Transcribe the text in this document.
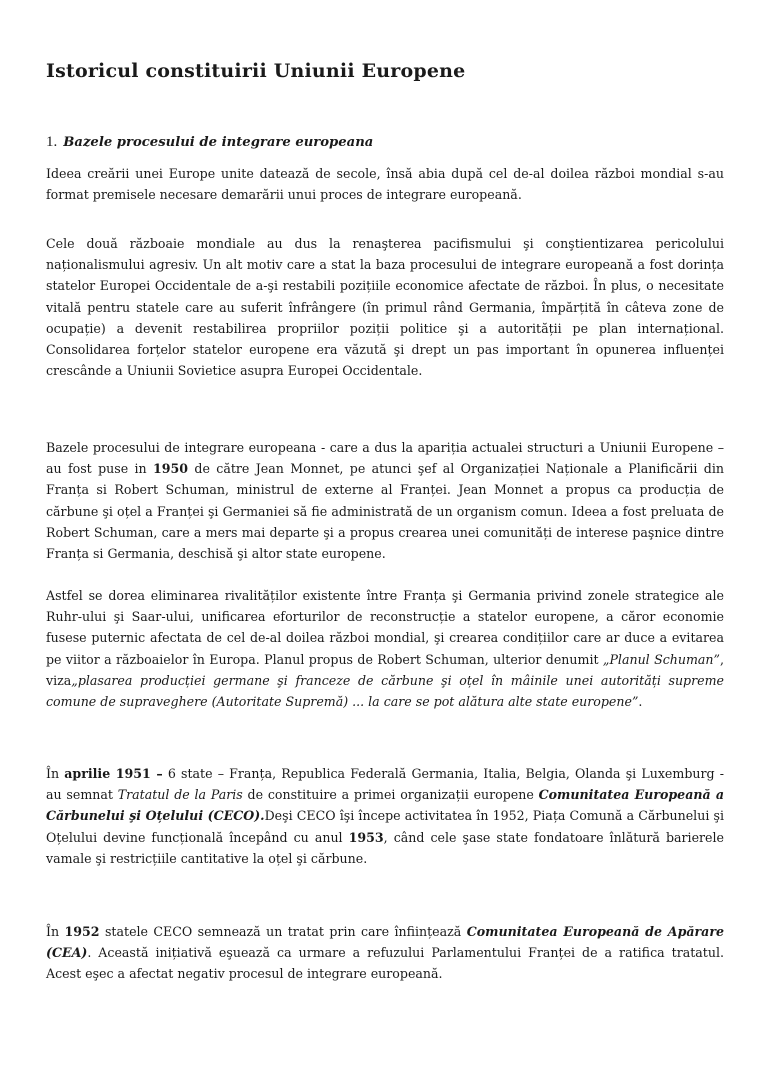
Istoricul constituirii Uniunii Europene
1. Bazele procesului de integrare europeana

Ideea creării unei Europe unite datează de secole, însă abia după cel de-al doilea război mondial s-au format premisele necesare demarării unui proces de integrare europeană.

Cele două războaie mondiale au dus la renaşterea pacifismului şi conştientizarea pericolului naționalismului agresiv. Un alt motiv care a stat la baza procesului de integrare europeană a fost dorința statelor Europei Occidentale de a-şi restabili pozițiile economice afectate de război. În plus, o necesitate vitală pentru statele care au suferit înfrângere (în primul rând Germania, împărțită în câteva zone de ocupație) a devenit restabilirea propriilor poziții politice şi a autorității pe plan internațional. Consolidarea forțelor statelor europene era văzută şi drept un pas important în opunerea influenței crescânde a Uniunii Sovietice asupra Europei Occidentale.

Bazele procesului de integrare europeana - care a dus la apariția actualei structuri a Uniunii Europene – au fost puse in 1950 de către Jean Monnet, pe atunci şef al Organizației Naționale a Planificării din Franța si Robert Schuman, ministrul de externe al Franței. Jean Monnet a propus ca producția de cărbune şi oțel a Franței şi Germaniei să fie administrată de un organism comun. Ideea a fost preluata de Robert Schuman, care a mers mai departe şi a propus crearea unei comunități de interese paşnice dintre Franța si Germania, deschisă şi altor state europene.

Astfel se dorea eliminarea rivalităților existente între Franța şi Germania privind zonele strategice ale Ruhr-ului şi Saar-ului, unificarea eforturilor de reconstrucție a statelor europene, a căror economie fusese puternic afectata de cel de-al doilea război mondial, şi crearea condițiilor care ar duce a evitarea pe viitor a războaielor în Europa. Planul propus de Robert Schuman, ulterior denumit „Planul Schuman”, viza„plasarea producției germane şi franceze de cărbune şi oțel în mâinile unei autorități supreme comune de supraveghere (Autoritate Supremă) ... la care se pot alătura alte state europene”.

În aprilie 1951 – 6 state – Franța, Republica Federală Germania, Italia, Belgia, Olanda şi Luxemburg - au semnat Tratatul de la Paris de constituire a primei organizații europene Comunitatea Europeană a Cărbunelui şi Oțelului (CECO).Deşi CECO îşi începe activitatea în 1952, Piața Comună a Cărbunelui şi Oțelului devine funcțională începând cu anul 1953, când cele şase state fondatoare înlătură barierele vamale şi restricțiile cantitative la oțel şi cărbune.

În 1952 statele CECO semnează un tratat prin care înființează Comunitatea Europeană de Apărare (CEA). Această inițiativă eşuează ca urmare a refuzului Parlamentului Franței de a ratifica tratatul. Acest eşec a afectat negativ procesul de integrare europeană.
